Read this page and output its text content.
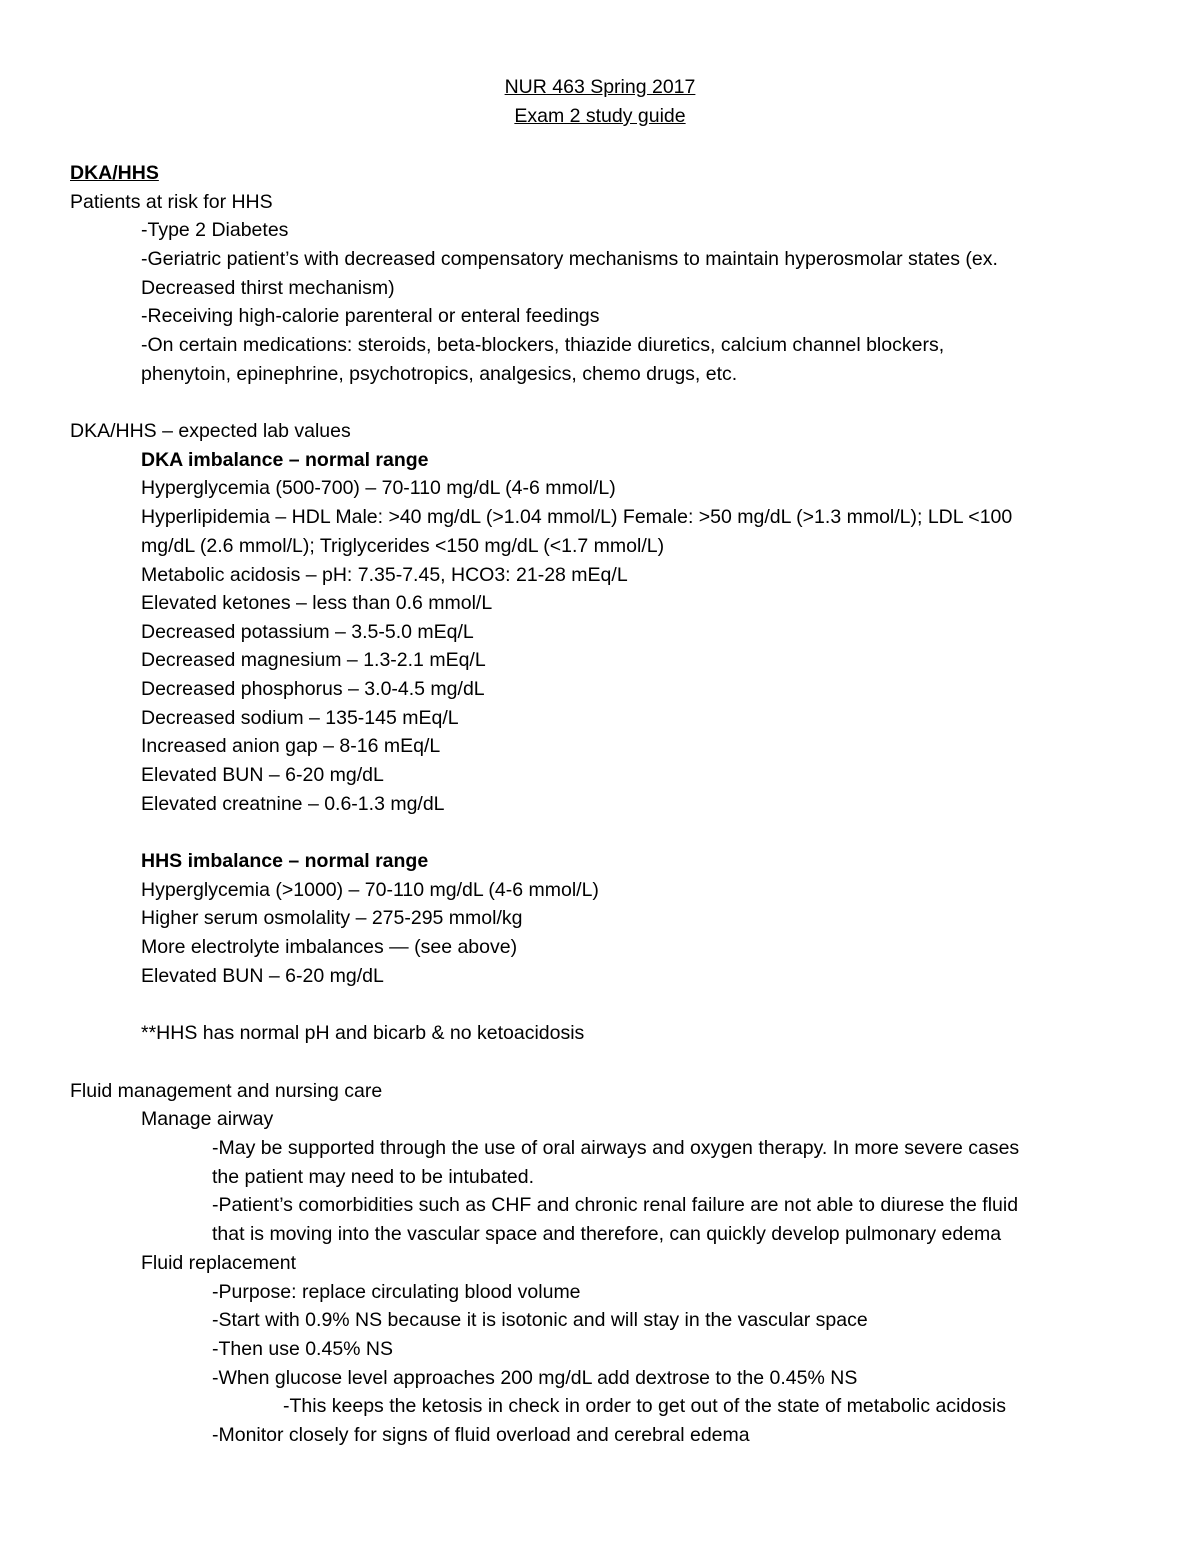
NUR 463 Spring 2017
Exam 2 study guide
DKA/HHS
Patients at risk for HHS
-Type 2 Diabetes
-Geriatric patient’s with decreased compensatory mechanisms to maintain hyperosmolar states (ex.
Decreased thirst mechanism)
-Receiving high-calorie parenteral or enteral feedings
-On certain medications: steroids, beta-blockers, thiazide diuretics, calcium channel blockers,
phenytoin, epinephrine, psychotropics, analgesics, chemo drugs, etc.
DKA/HHS – expected lab values
DKA imbalance – normal range
Hyperglycemia (500-700) – 70-110 mg/dL (4-6 mmol/L)
Hyperlipidemia – HDL Male: >40 mg/dL (>1.04 mmol/L) Female: >50 mg/dL (>1.3 mmol/L); LDL <100
mg/dL (2.6 mmol/L); Triglycerides <150 mg/dL (<1.7 mmol/L)
Metabolic acidosis – pH: 7.35-7.45, HCO3: 21-28 mEq/L
Elevated ketones – less than 0.6 mmol/L
Decreased potassium – 3.5-5.0 mEq/L
Decreased magnesium – 1.3-2.1 mEq/L
Decreased phosphorus – 3.0-4.5 mg/dL
Decreased sodium – 135-145 mEq/L
Increased anion gap – 8-16 mEq/L
Elevated BUN – 6-20 mg/dL
Elevated creatnine – 0.6-1.3 mg/dL
HHS imbalance – normal range
Hyperglycemia (>1000) – 70-110 mg/dL (4-6 mmol/L)
Higher serum osmolality – 275-295 mmol/kg
More electrolyte imbalances — (see above)
Elevated BUN – 6-20 mg/dL
**HHS has normal pH and bicarb & no ketoacidosis
Fluid management and nursing care
Manage airway
-May be supported through the use of oral airways and oxygen therapy. In more severe cases
the patient may need to be intubated.
-Patient’s comorbidities such as CHF and chronic renal failure are not able to diurese the fluid
that is moving into the vascular space and therefore, can quickly develop pulmonary edema
Fluid replacement
-Purpose: replace circulating blood volume
-Start with 0.9% NS because it is isotonic and will stay in the vascular space
-Then use 0.45% NS
-When glucose level approaches 200 mg/dL add dextrose to the 0.45% NS
-This keeps the ketosis in check in order to get out of the state of metabolic acidosis
-Monitor closely for signs of fluid overload and cerebral edema
